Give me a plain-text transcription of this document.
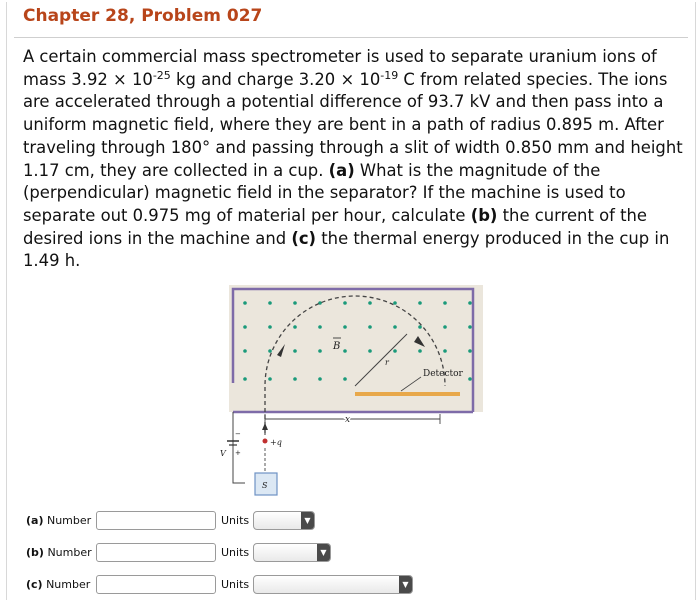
Chapter 28, Problem 027
A certain commercial mass spectrometer is used to separate uranium ions of mass $3.92 \times 10^{-25}$ kg and charge $3.20 \times 10^{-19}$ C from related species. The ions are accelerated through a potential difference of 93.7 kV and then pass into a uniform magnetic field, where they are bent in a path of radius 0.895 m. After traveling through 180° and passing through a slit of width 0.850 mm and height 1.17 cm, they are collected in a cup. (a) What is the magnitude of the (perpendicular) magnetic field in the separator? If the machine is used to separate out 0.975 mg of material per hour, calculate (b) the current of the desired ions in the machine and (c) the thermal energy produced in the cup in 1.49 h.
r
B
Detector
x
+q
V +
−
S
(a) Number	Units	▼
(b) Number	Units	▼
(c) Number	Units	▼
